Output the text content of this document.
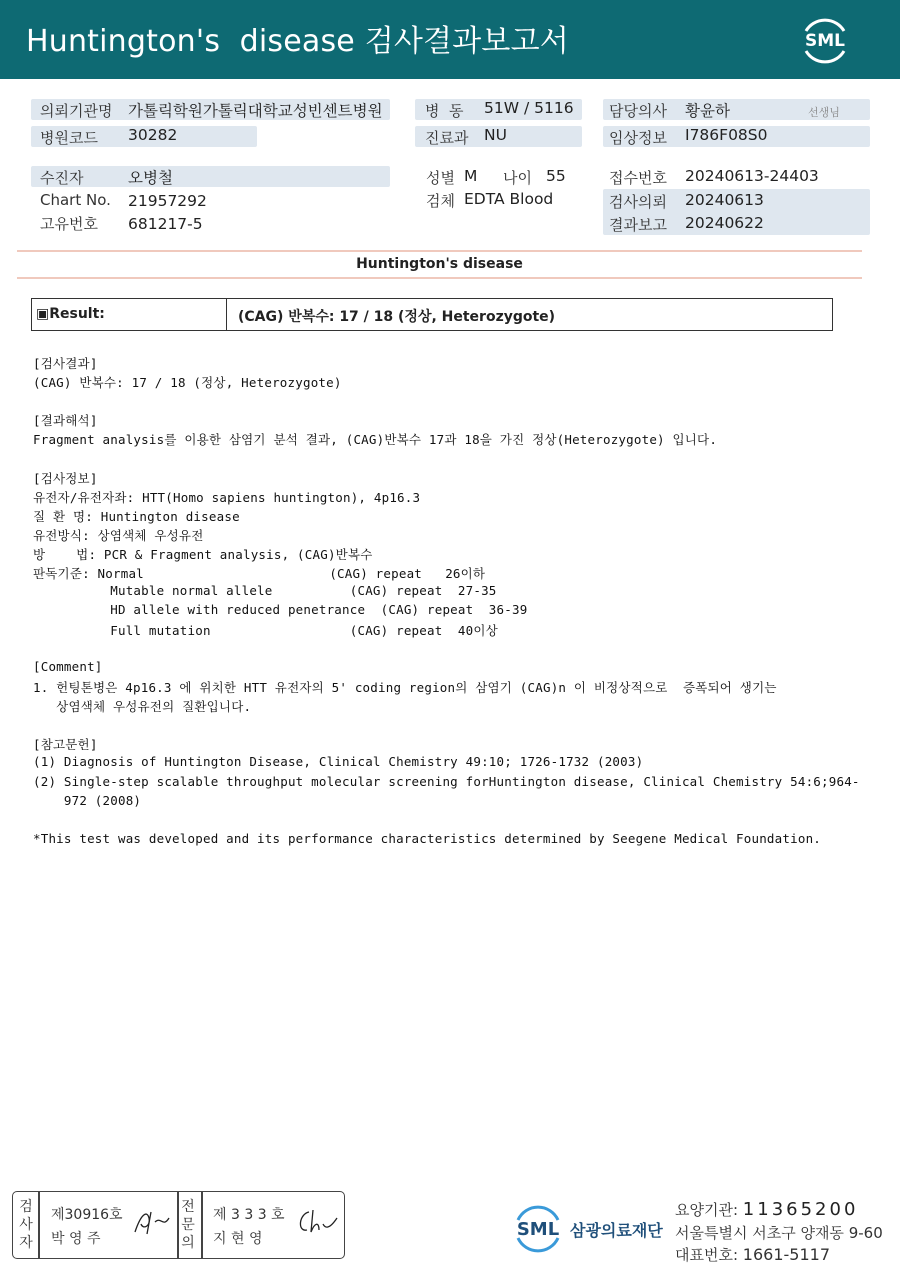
Huntington's  disease 검사결과보고서	SML
의뢰기관명 가톨릭학원가톨릭대학교성빈센트병원
병원코드 30282
병  동 51W / 5116
진료과 NU
담당의사 황윤하	선생님
임상정보 I786F08S0
수진자	오병철
Chart No. 21957292
고유번호 681217-5
성별 M 나이 55
검체 EDTA Blood
접수번호 20240613-24403
검사의뢰 20240613
결과보고 20240622
Huntington's disease
▣Result:	(CAG) 반복수: 17 / 18 (정상, Heterozygote)
[검사결과]
(CAG) 반복수: 17 / 18 (정상, Heterozygote)
[결과해석]
Fragment analysis를 이용한 삼염기 분석 결과, (CAG)반복수 17과 18을 가진 정상(Heterozygote) 입니다.
[검사정보]
유전자/유전자좌: HTT(Homo sapiens huntington), 4p16.3
질 환 명: Huntington disease
유전방식: 상염색체 우성유전
방    법: PCR & Fragment analysis, (CAG)반복수
판독기준: Normal                        (CAG) repeat   26이하
Mutable normal allele          (CAG) repeat  27-35
HD allele with reduced penetrance  (CAG) repeat  36-39
Full mutation                  (CAG) repeat  40이상
[Comment]
1. 헌팅톤병은 4p16.3 에 위치한 HTT 유전자의 5' coding region의 삼염기 (CAG)n 이 비정상적으로  증폭되어 생기는
상염색체 우성유전의 질환입니다.
[참고문헌]
(1) Diagnosis of Huntington Disease, Clinical Chemistry 49:10; 1726-1732 (2003)
(2) Single-step scalable throughput molecular screening forHuntington disease, Clinical Chemistry 54:6;964-
972 (2008)
*This test was developed and its performance characteristics determined by Seegene Medical Foundation.
검
사
자
제30916호
박 영 주
전
문
의
제 3 3 3 호
지 현 영	SML 삼광의료재단
요양기관: 11365200
서울특별시 서초구 양재동 9-60
대표번호: 1661-5117
